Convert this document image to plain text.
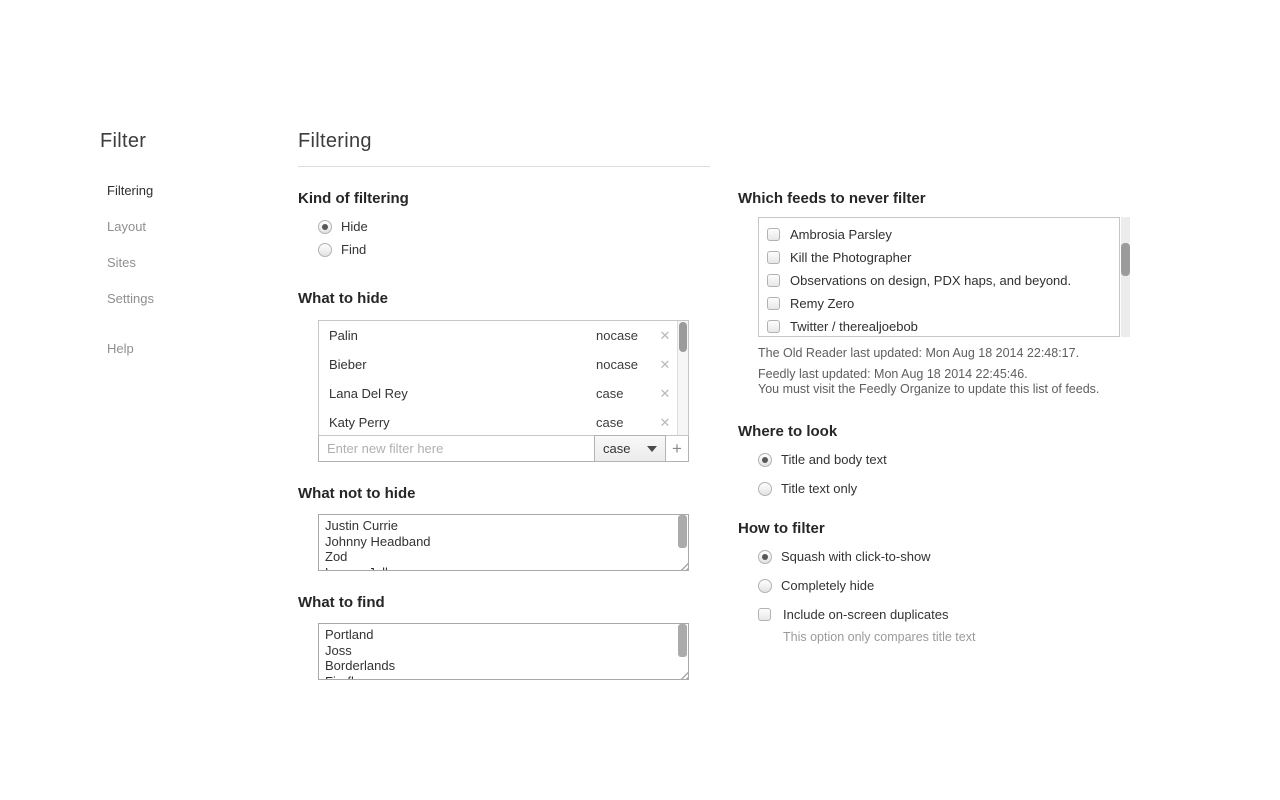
Filter
Filtering
Layout
Sites
Settings
Help
Filtering
Kind of filtering
Hide
Find
What to hide
Palin	nocase	✕
Bieber	nocase	✕
Lana Del Rey	case	✕
Katy Perry	case	✕
Enter new filter here
case +
What not to hide
Justin Currie Johnny Headband Zod Lemon Jelly
What to find
Portland Joss Borderlands Firefly
Which feeds to never filter
Ambrosia Parsley
Kill the Photographer
Observations on design, PDX haps, and beyond.
Remy Zero
Twitter / therealjoebob
The Old Reader last updated: Mon Aug 18 2014 22:48:17.
Feedly last updated: Mon Aug 18 2014 22:45:46.
You must visit the Feedly Organize to update this list of feeds.
Where to look
Title and body text
Title text only
How to filter
Squash with click-to-show
Completely hide
Include on-screen duplicates
This option only compares title text
